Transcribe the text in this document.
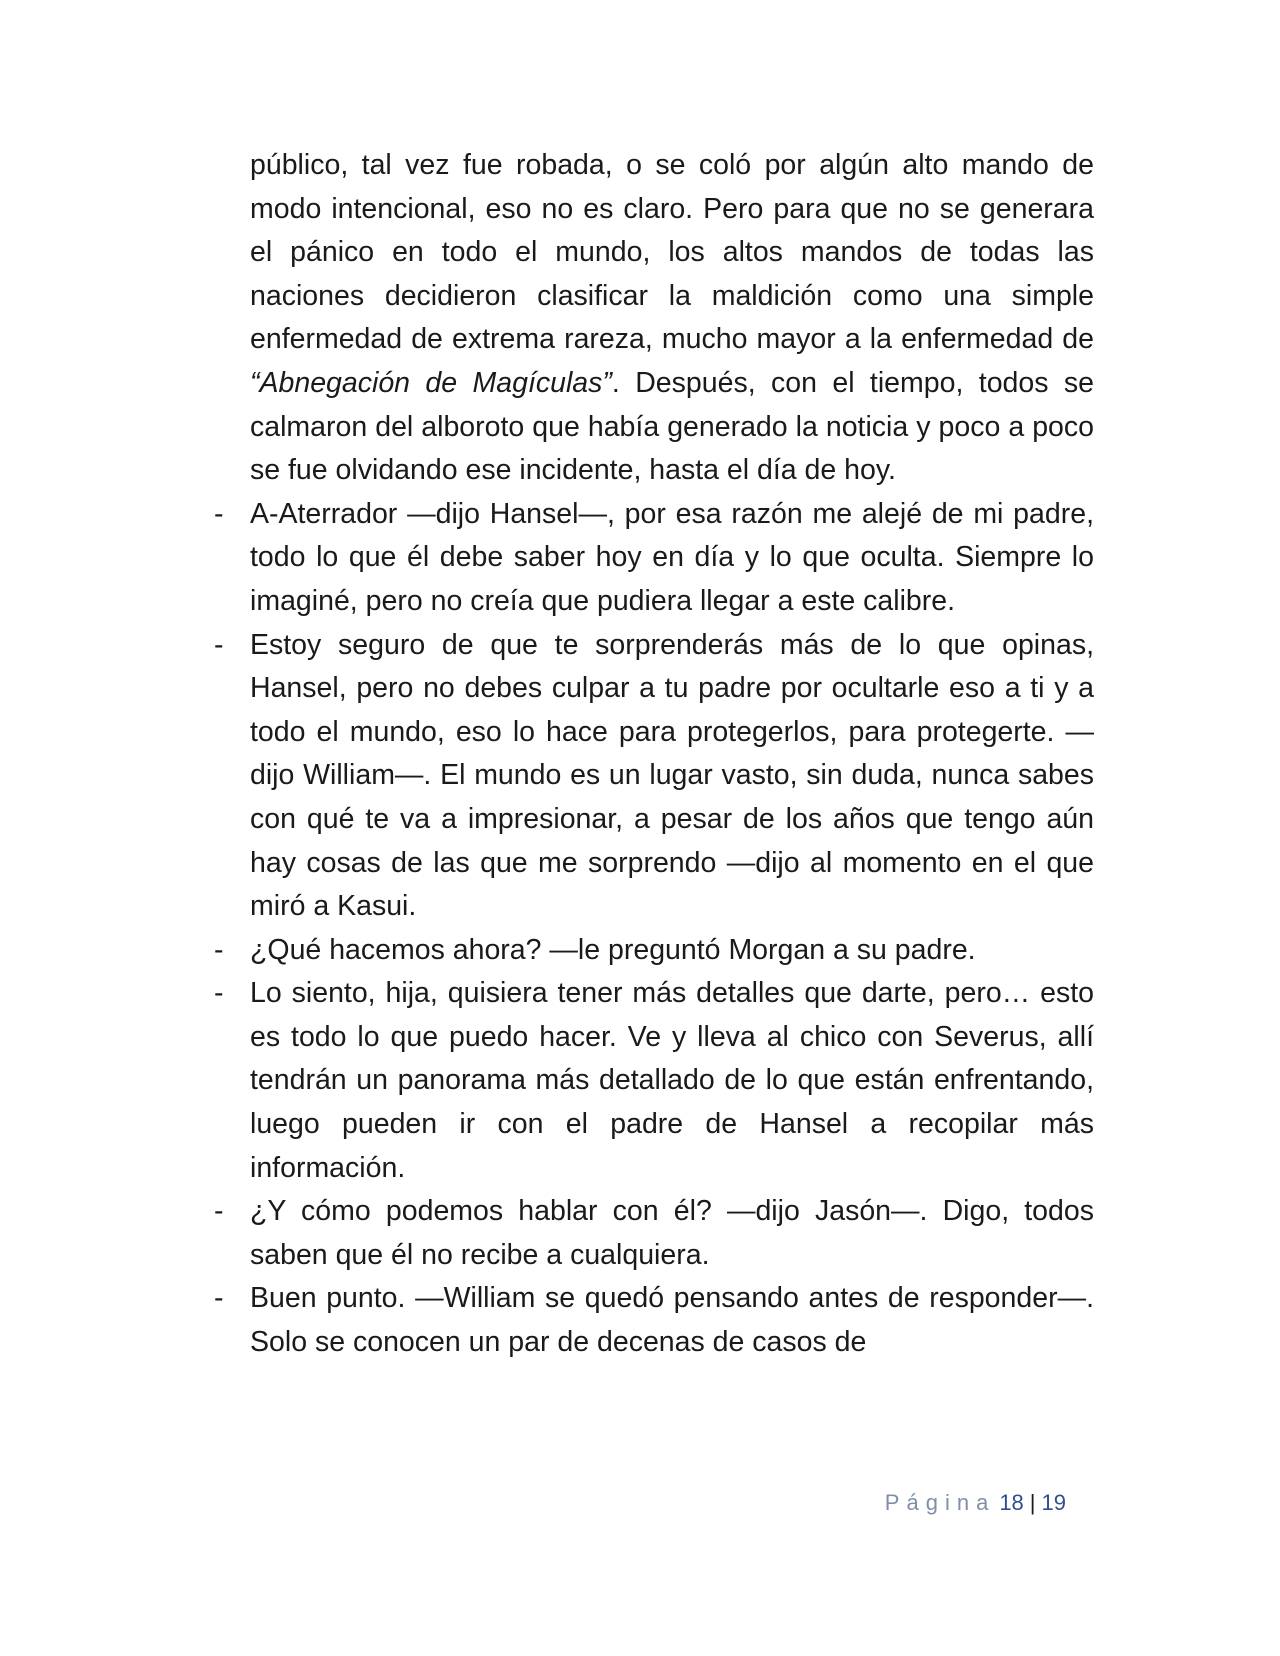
público, tal vez fue robada, o se coló por algún alto mando de modo intencional, eso no es claro. Pero para que no se generara el pánico en todo el mundo, los altos mandos de todas las naciones decidieron clasificar la maldición como una simple enfermedad de extrema rareza, mucho mayor a la enfermedad de “Abnegación de Magículas”. Después, con el tiempo, todos se calmaron del alboroto que había generado la noticia y poco a poco se fue olvidando ese incidente, hasta el día de hoy.

- A-Aterrador —dijo Hansel—, por esa razón me alejé de mi padre, todo lo que él debe saber hoy en día y lo que oculta. Siempre lo imaginé, pero no creía que pudiera llegar a este calibre.

- Estoy seguro de que te sorprenderás más de lo que opinas, Hansel, pero no debes culpar a tu padre por ocultarle eso a ti y a todo el mundo, eso lo hace para protegerlos, para protegerte. —dijo William—. El mundo es un lugar vasto, sin duda, nunca sabes con qué te va a impresionar, a pesar de los años que tengo aún hay cosas de las que me sorprendo —dijo al momento en el que miró a Kasui.

- ¿Qué hacemos ahora? —le preguntó Morgan a su padre.

- Lo siento, hija, quisiera tener más detalles que darte, pero… esto es todo lo que puedo hacer. Ve y lleva al chico con Severus, allí tendrán un panorama más detallado de lo que están enfrentando, luego pueden ir con el padre de Hansel a recopilar más información.

- ¿Y cómo podemos hablar con él? —dijo Jasón—. Digo, todos saben que él no recibe a cualquiera.

- Buen punto. —William se quedó pensando antes de responder—. Solo se conocen un par de decenas de casos de

Página 18 | 19
